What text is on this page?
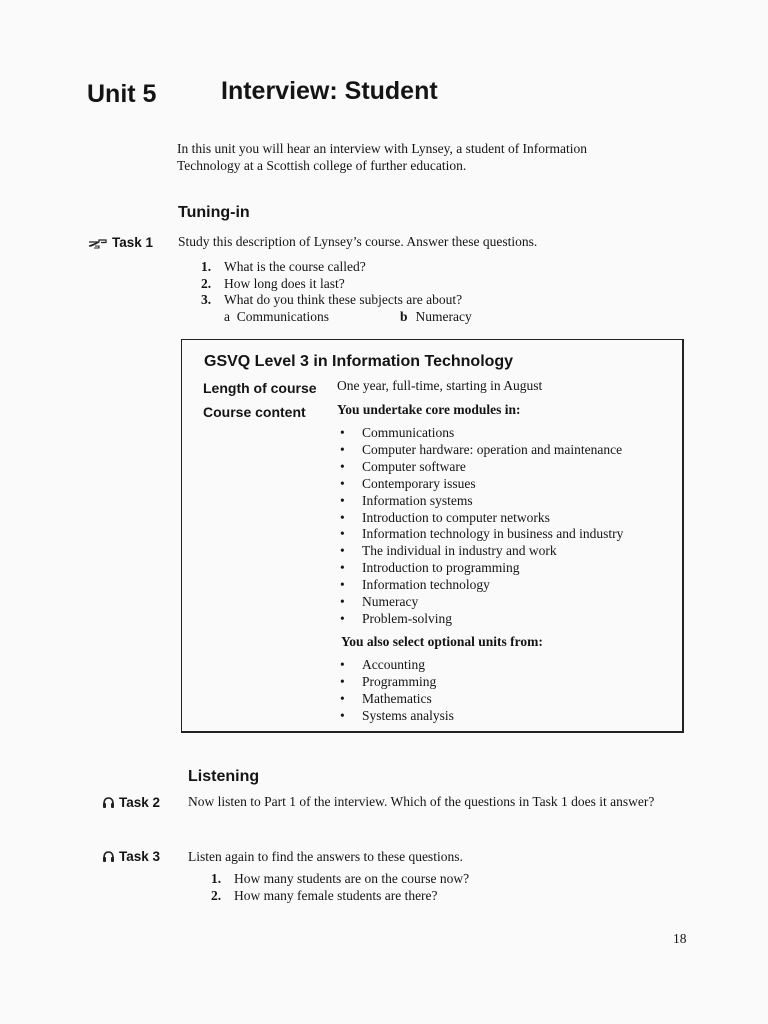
Unit 5	Interview: Student
In this unit you will hear an interview with Lynsey, a student of Information Technology at a Scottish college of further education.
Tuning-in
Task 1 Study this description of Lynsey’s course. Answer these questions.
1. What is the course called?
2. How long does it last?
3. What do you think these subjects are about?
a Communications	b Numeracy
GSVQ Level 3 in Information Technology
Length of course One year, full-time, starting in August
Course content You undertake core modules in:
•	Communications
•	Computer hardware: operation and maintenance
•	Computer software
•	Contemporary issues
•	Information systems
•	Introduction to computer networks
•	Information technology in business and industry
•	The individual in industry and work
•	Introduction to programming
•	Information technology
•	Numeracy
•	Problem-solving
You also select optional units from:
•	Accounting
•	Programming
•	Mathematics
•	Systems analysis
Listening
Task 2 Now listen to Part 1 of the interview. Which of the questions in Task 1 does it answer?
Task 3 Listen again to find the answers to these questions.
1. How many students are on the course now?
2. How many female students are there?
18
